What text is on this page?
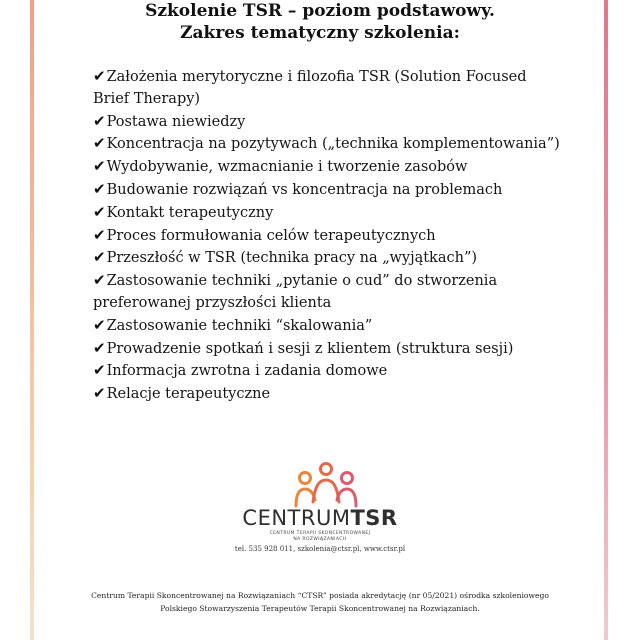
Szkolenie TSR – poziom podstawowy.
Zakres tematyczny szkolenia:
✔Założenia merytoryczne i filozofia TSR (Solution Focused Brief Therapy)
✔Postawa niewiedzy
✔Koncentracja na pozytywach („technika komplementowania”)
✔Wydobywanie, wzmacnianie i tworzenie zasobów
✔Budowanie rozwiązań vs koncentracja na problemach
✔Kontakt terapeutyczny
✔Proces formułowania celów terapeutycznych
✔Przeszłość w TSR (technika pracy na „wyjątkach”)
✔Zastosowanie techniki „pytanie o cud” do stworzenia preferowanej przyszłości klienta
✔Zastosowanie techniki “skalowania”
✔Prowadzenie spotkań i sesji z klientem (struktura sesji)
✔Informacja zwrotna i zadania domowe
✔Relacje terapeutyczne
CENTRUMTSR
CENTRUM TERAPII SKONCENTROWANEJ
NA ROZWIĄZANIACH
tel. 535 928 011, szkolenia@ctsr.pl, www.ctsr.pl
Centrum Terapii Skoncentrowanej na Rozwiązaniach “CTSR” posiada akredytację (nr 05/2021) ośrodka szkoleniowego
Polskiego Stowarzyszenia Terapeutów Terapii Skoncentrowanej na Rozwiązaniach.
